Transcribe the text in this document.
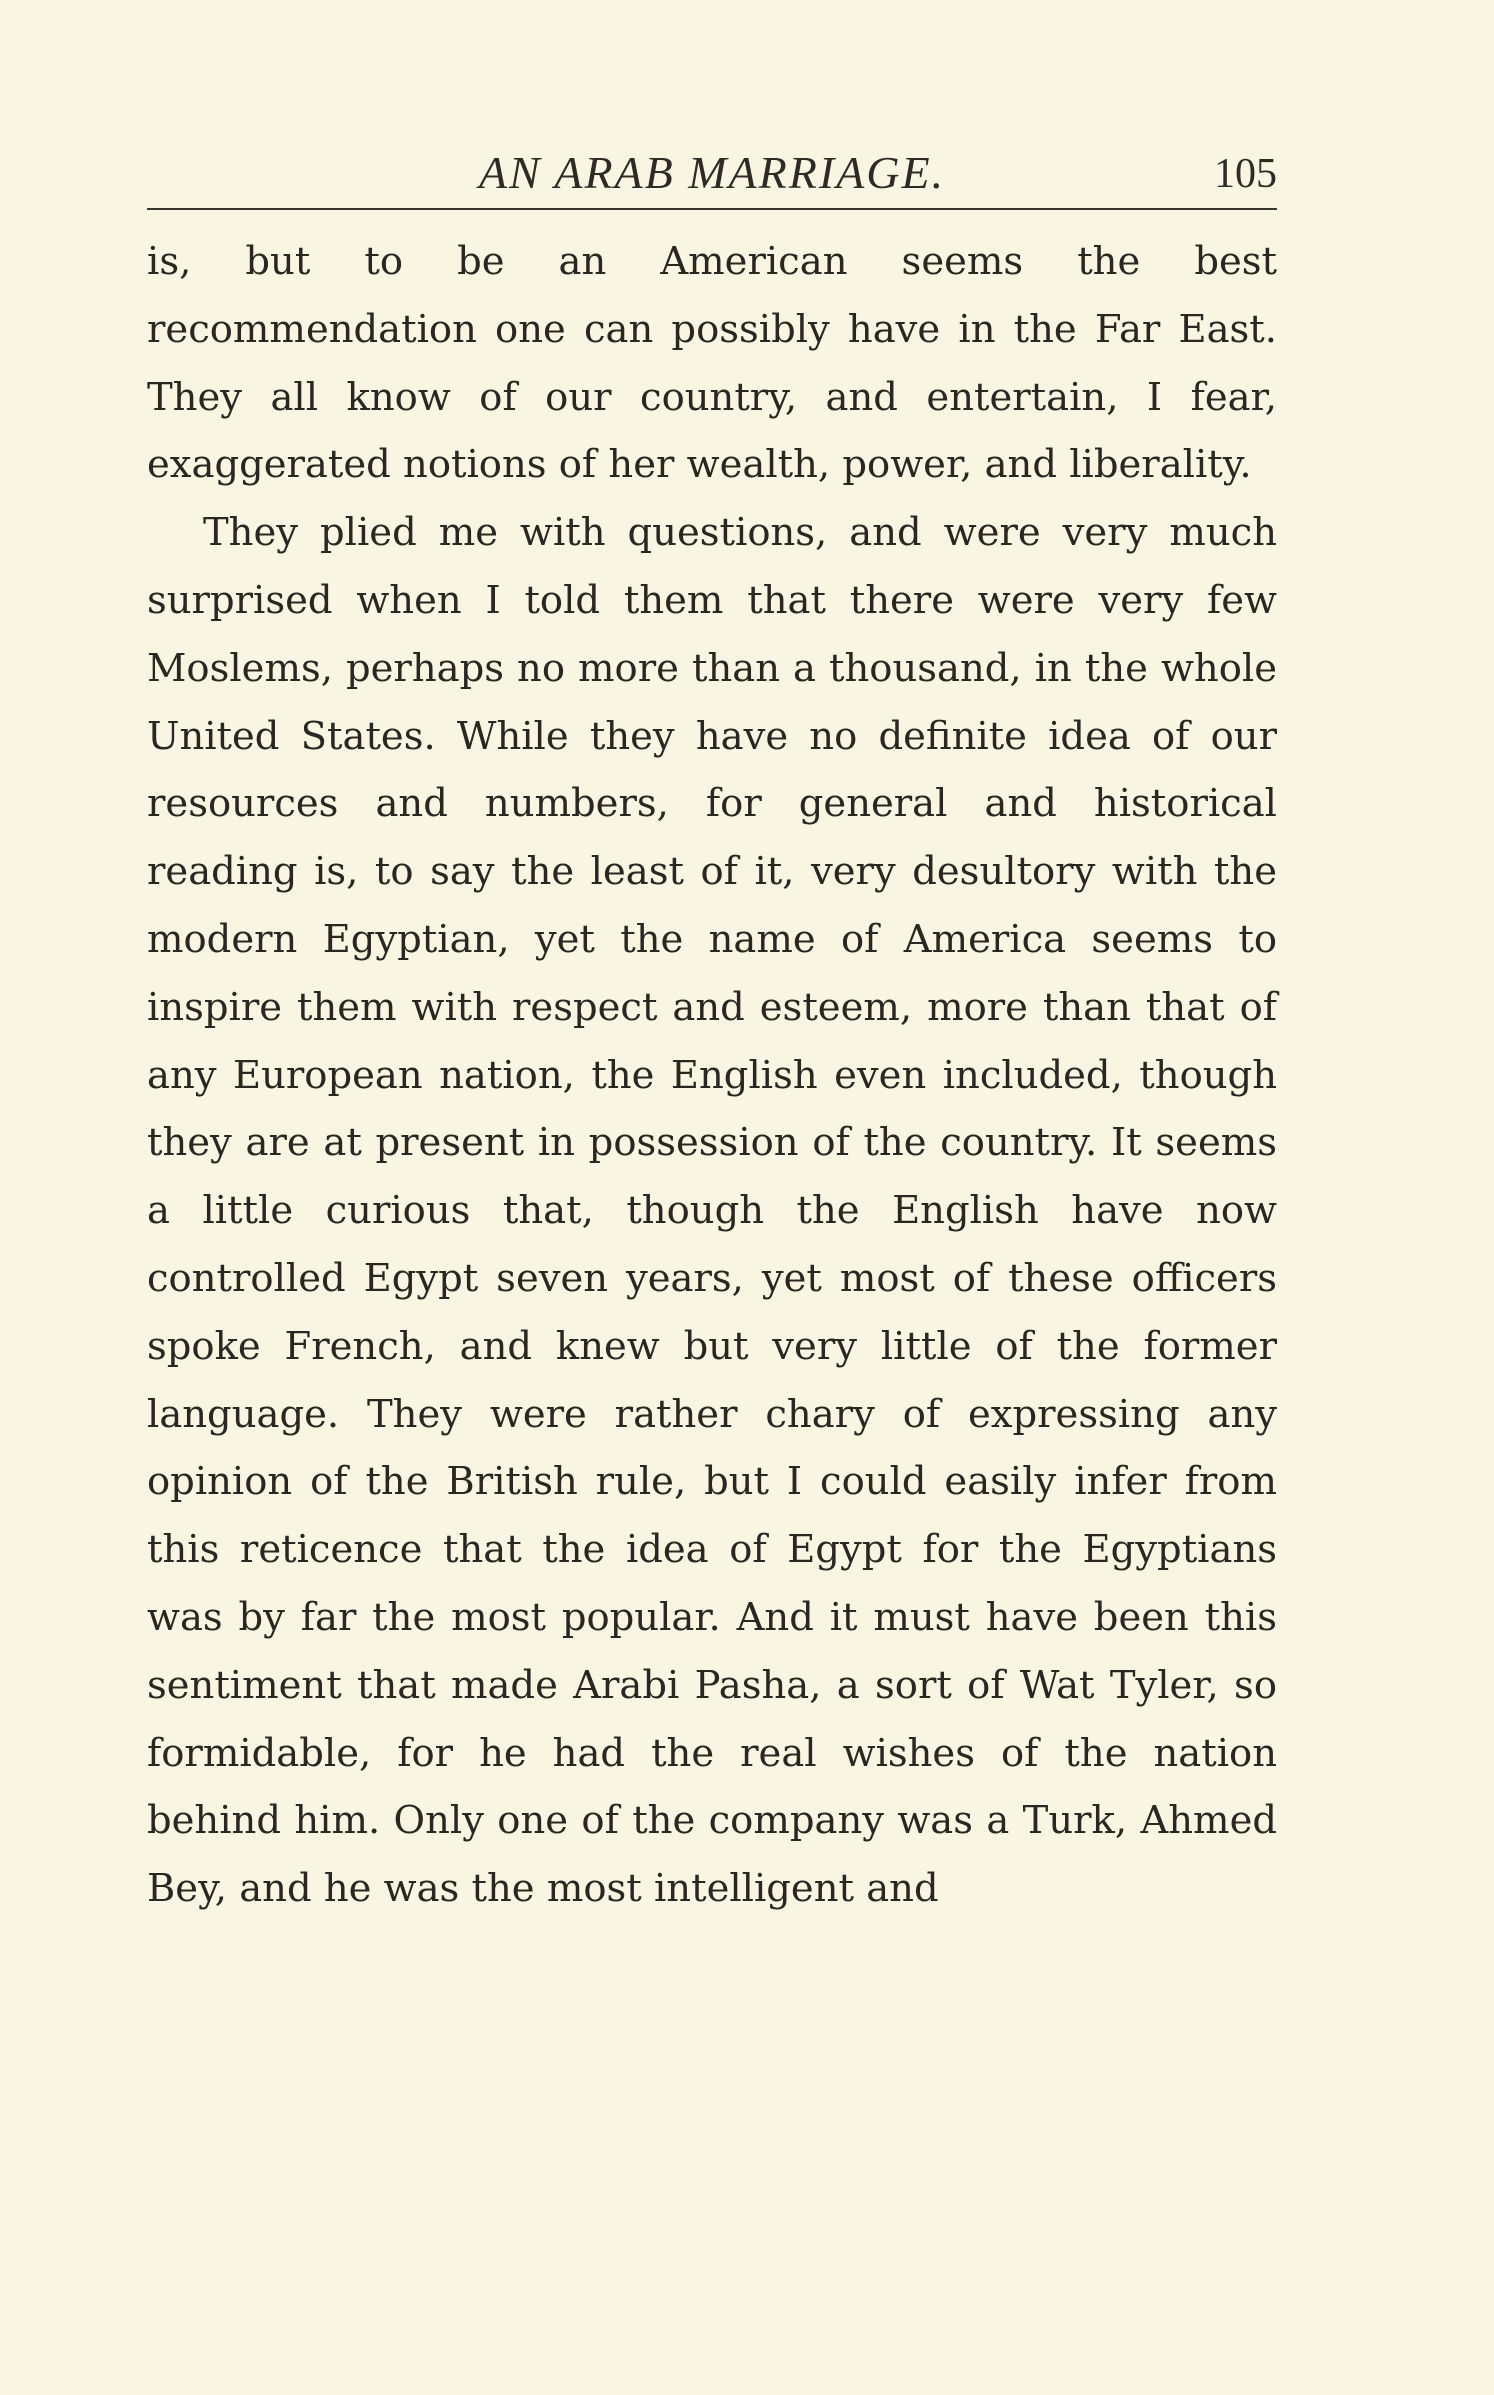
AN ARAB MARRIAGE.	105

is, but to be an American seems the best recommendation one can possibly have in the Far East. They all know of our country, and entertain, I fear, exaggerated notions of her wealth, power, and liberality.

They plied me with questions, and were very much surprised when I told them that there were very few Moslems, perhaps no more than a thousand, in the whole United States. While they have no definite idea of our resources and numbers, for general and historical reading is, to say the least of it, very desultory with the modern Egyptian, yet the name of America seems to inspire them with respect and esteem, more than that of any European nation, the English even included, though they are at present in possession of the country. It seems a little curious that, though the English have now controlled Egypt seven years, yet most of these officers spoke French, and knew but very little of the former language. They were rather chary of expressing any opinion of the British rule, but I could easily infer from this reticence that the idea of Egypt for the Egyptians was by far the most popular. And it must have been this sentiment that made Arabi Pasha, a sort of Wat Tyler, so formidable, for he had the real wishes of the nation behind him. Only one of the company was a Turk, Ahmed Bey, and he was the most intelligent and
